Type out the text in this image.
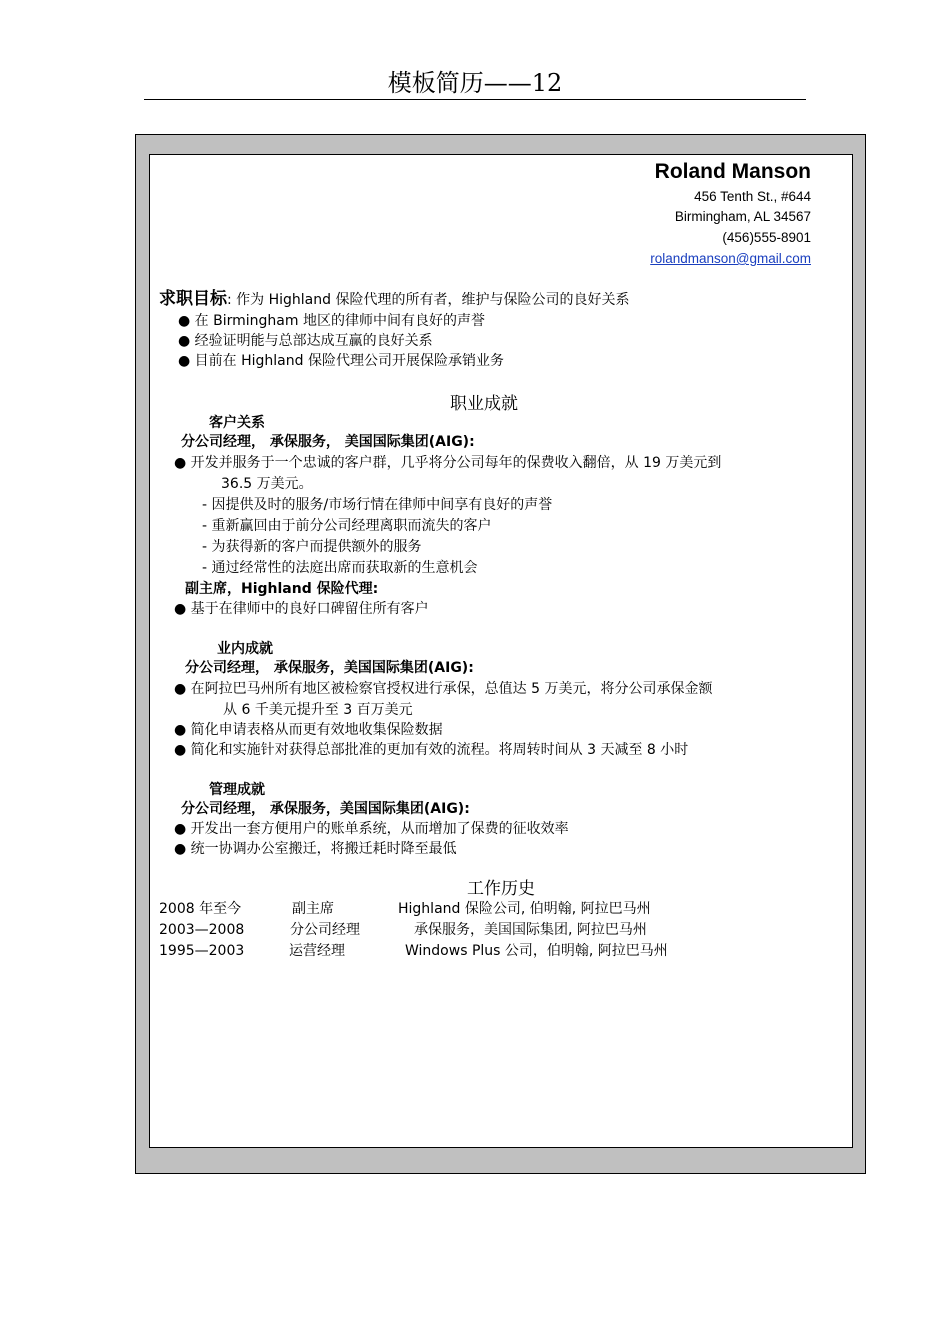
模板简历——12
Roland Manson
456 Tenth St., #644
Birmingham, AL 34567
(456)555-8901
rolandmanson@gmail.com
求职目标: 作为 Highland 保险代理的所有者，维护与保险公司的良好关系
● 在 Birmingham 地区的律师中间有良好的声誉
● 经验证明能与总部达成互赢的良好关系
● 目前在 Highland 保险代理公司开展保险承销业务
职业成就
客户关系
分公司经理， 承保服务， 美国国际集团(AIG):
● 开发并服务于一个忠诚的客户群，几乎将分公司每年的保费收入翻倍，从 19 万美元到
36.5 万美元。
- 因提供及时的服务/市场行情在律师中间享有良好的声誉
- 重新赢回由于前分公司经理离职而流失的客户
- 为获得新的客户而提供额外的服务
- 通过经常性的法庭出席而获取新的生意机会
副主席，Highland 保险代理:
● 基于在律师中的良好口碑留住所有客户
业内成就
分公司经理， 承保服务，美国国际集团(AIG):
● 在阿拉巴马州所有地区被检察官授权进行承保，总值达 5 万美元，将分公司承保金额
从 6 千美元提升至 3 百万美元
● 简化申请表格从而更有效地收集保险数据
● 简化和实施针对获得总部批准的更加有效的流程。将周转时间从 3 天减至 8 小时
管理成就
分公司经理， 承保服务，美国国际集团(AIG):
● 开发出一套方便用户的账单系统，从而增加了保费的征收效率
● 统一协调办公室搬迁，将搬迁耗时降至最低
工作历史
2008 年至今	副主席	Highland 保险公司, 伯明翰, 阿拉巴马州
2003—2008	分公司经理	承保服务，美国国际集团, 阿拉巴马州
1995—2003	运营经理	Windows Plus 公司，伯明翰, 阿拉巴马州
